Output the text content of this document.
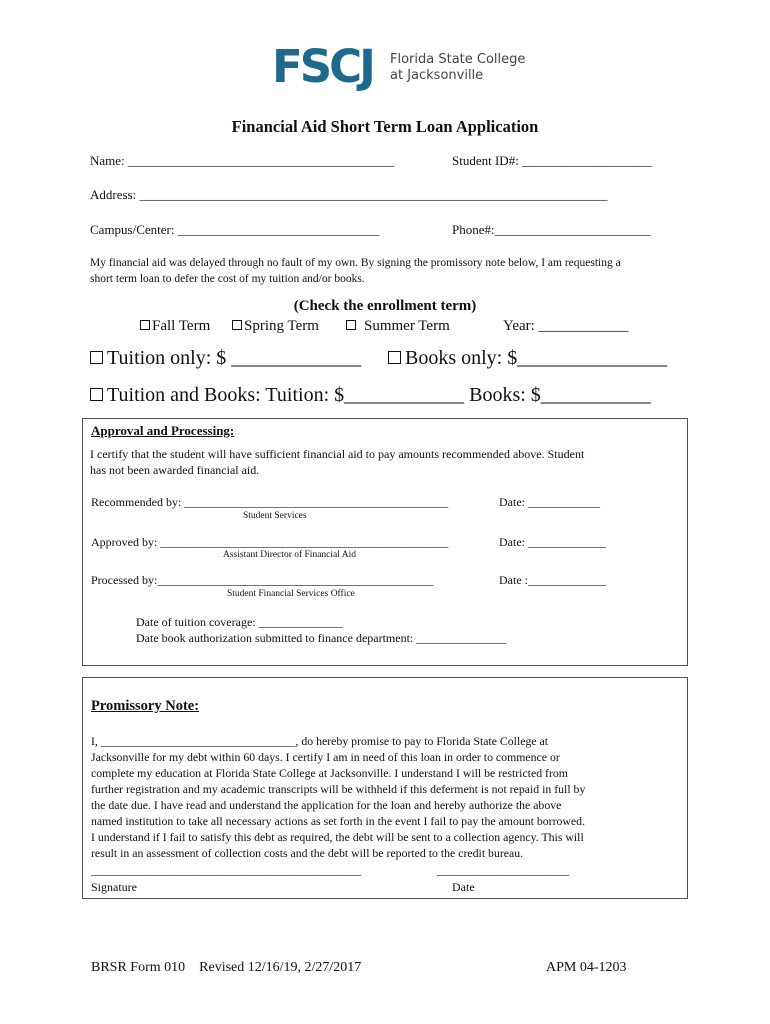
FSCJ Florida State College
at Jacksonville
Financial Aid Short Term Loan Application
Name: _________________________________________	Student ID#: ____________________
Address: ________________________________________________________________________
Campus/Center: _______________________________	Phone#:________________________
My financial aid was delayed through no fault of my own. By signing the promissory note below, I am requesting a
short term loan to defer the cost of my tuition and/or books.
(Check the enrollment term)
Fall Term	Spring Term	Summer Term	Year: ____________
Tuition only: $ _____________	Books only: $_______________
Tuition and Books: Tuition: $____________ Books: $___________
Approval and Processing:
I certify that the student will have sufficient financial aid to pay amounts recommended above. Student
has not been awarded financial aid.
Recommended by: ____________________________________________	Date: ____________
Student Services
Approved by: ________________________________________________	Date: _____________
Assistant Director of Financial Aid
Processed by:______________________________________________	Date :_____________
Student Financial Services Office
Date of tuition coverage: ______________
Date book authorization submitted to finance department: _______________
Promissory Note:
I, _________________________________, do hereby promise to pay to Florida State College at
Jacksonville for my debt within 60 days. I certify I am in need of this loan in order to commence or
complete my education at Florida State College at Jacksonville. I understand I will be restricted from
further registration and my academic transcripts will be withheld if this deferment is not repaid in full by
the date due. I have read and understand the application for the loan and hereby authorize the above
named institution to take all necessary actions as set forth in the event I fail to pay the amount borrowed.
I understand if I fail to satisfy this debt as required, the debt will be sent to a collection agency. This will
result in an assessment of collection costs and the debt will be reported to the credit bureau.
_____________________________________________	______________________
Signature	Date
BRSR Form 010    Revised 12/16/19, 2/27/2017	APM 04-1203
